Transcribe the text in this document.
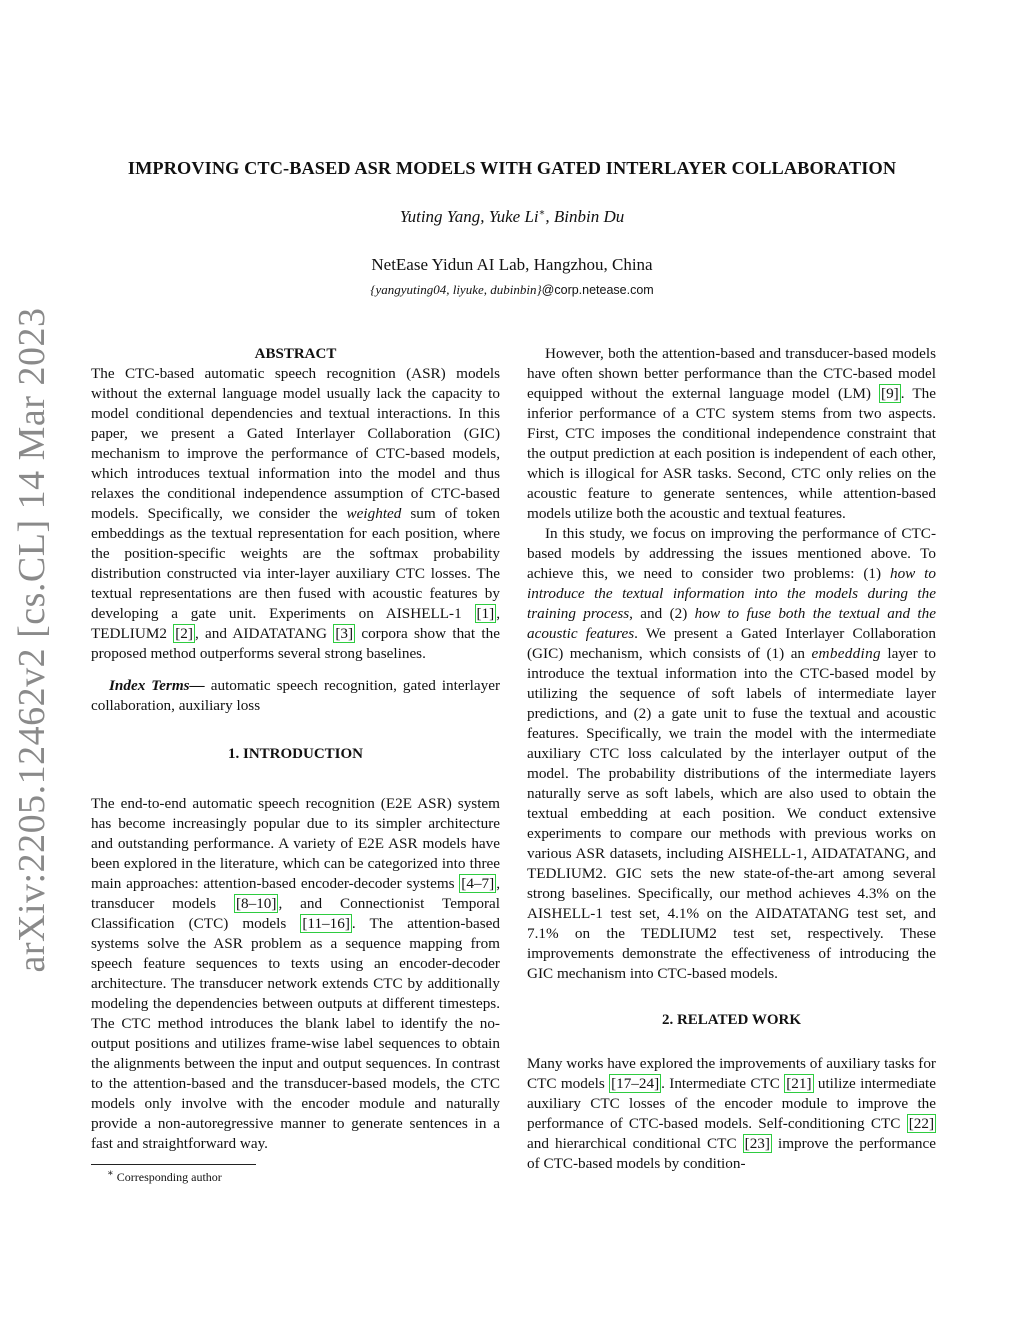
arXiv:2205.12462v2 [cs.CL] 14 Mar 2023
IMPROVING CTC-BASED ASR MODELS WITH GATED INTERLAYER COLLABORATION
Yuting Yang, Yuke Li∗, Binbin Du
NetEase Yidun AI Lab, Hangzhou, China
{yangyuting04, liyuke, dubinbin}@corp.netease.com
ABSTRACT

The CTC-based automatic speech recognition (ASR) models without the external language model usually lack the capacity to model conditional dependencies and textual interactions. In this paper, we present a Gated Interlayer Collaboration (GIC) mechanism to improve the performance of CTC-based models, which introduces textual information into the model and thus relaxes the conditional independence assumption of CTC-based models. Specifically, we consider the weighted sum of token embeddings as the textual representation for each position, where the position-specific weights are the softmax probability distribution constructed via inter-layer auxiliary CTC losses. The textual representations are then fused with acoustic features by developing a gate unit. Experiments on AISHELL-1 [1] , TEDLIUM2 [2] , and AIDATATANG [3] corpora show that the proposed method outperforms several strong baselines.

Index Terms— automatic speech recognition, gated interlayer collaboration, auxiliary loss

1. INTRODUCTION

The end-to-end automatic speech recognition (E2E ASR) system has become increasingly popular due to its simpler architecture and outstanding performance. A variety of E2E ASR models have been explored in the literature, which can be categorized into three main approaches: attention-based encoder-decoder systems [4–7] , transducer models [8–10] , and Connectionist Temporal Classification (CTC) models [11–16] . The attention-based systems solve the ASR problem as a sequence mapping from speech feature sequences to texts using an encoder-decoder architecture. The transducer network extends CTC by additionally modeling the dependencies between outputs at different timesteps. The CTC method introduces the blank label to identify the no-output positions and utilizes frame-wise label sequences to obtain the alignments between the input and output sequences. In contrast to the attention-based and the transducer-based models, the CTC models only involve with the encoder module and naturally provide a non-autoregressive manner to generate sentences in a fast and straightforward way.

∗ Corresponding author

However, both the attention-based and transducer-based models have often shown better performance than the CTC-based model equipped without the external language model (LM) [9] . The inferior performance of a CTC system stems from two aspects. First, CTC imposes the conditional independence constraint that the output prediction at each position is independent of each other, which is illogical for ASR tasks. Second, CTC only relies on the acoustic feature to generate sentences, while attention-based models utilize both the acoustic and textual features.

In this study, we focus on improving the performance of CTC-based models by addressing the issues mentioned above. To achieve this, we need to consider two problems: (1) how to introduce the textual information into the models during the training process, and (2) how to fuse both the textual and the acoustic features. We present a Gated Interlayer Collaboration (GIC) mechanism, which consists of (1) an embedding layer to introduce the textual information into the CTC-based model by utilizing the sequence of soft labels of intermediate layer predictions, and (2) a gate unit to fuse the textual and acoustic features. Specifically, we train the model with the intermediate auxiliary CTC loss calculated by the interlayer output of the model. The probability distributions of the intermediate layers naturally serve as soft labels, which are also used to obtain the textual embedding at each position. We conduct extensive experiments to compare our methods with previous works on various ASR datasets, including AISHELL-1, AIDATATANG, and TEDLIUM2. GIC sets the new state-of-the-art among several strong baselines. Specifically, our method achieves 4.3% on the AISHELL-1 test set, 4.1% on the AIDATATANG test set, and 7.1% on the TEDLIUM2 test set, respectively. These improvements demonstrate the effectiveness of introducing the GIC mechanism into CTC-based models.

2. RELATED WORK

Many works have explored the improvements of auxiliary tasks for CTC models [17–24] . Intermediate CTC [21] utilize intermediate auxiliary CTC losses of the encoder module to improve the performance of CTC-based models. Self-conditioning CTC [22] and hierarchical conditional CTC [23] improve the performance of CTC-based models by condition-
